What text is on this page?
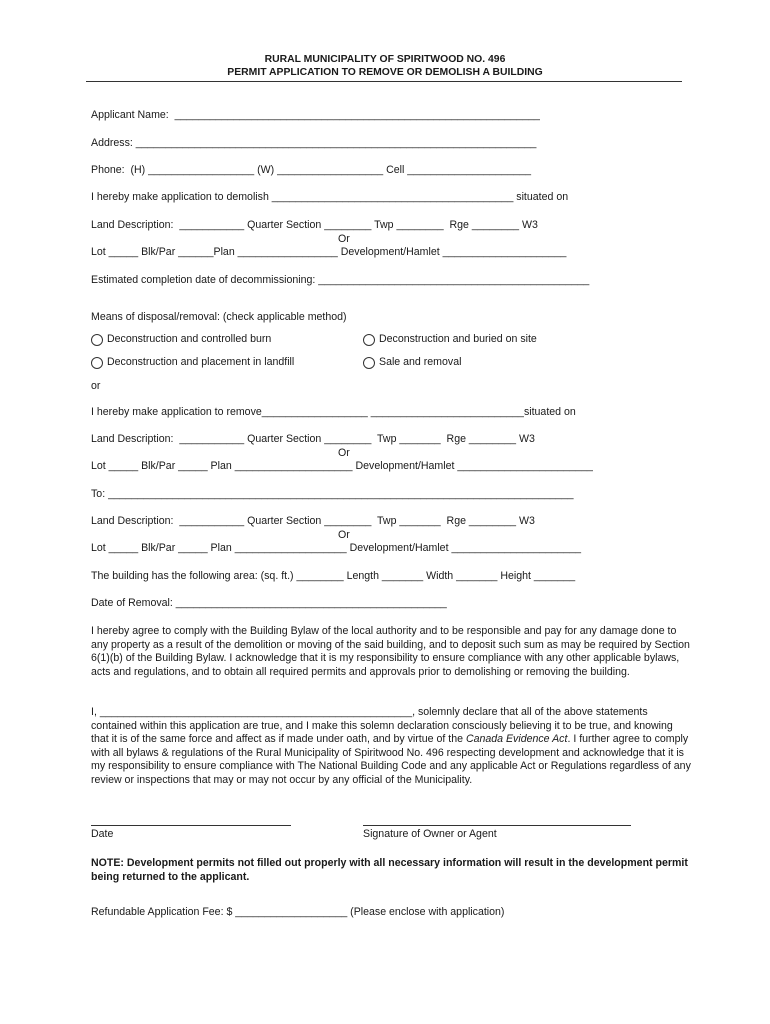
RURAL MUNICIPALITY OF SPIRITWOOD NO. 496
PERMIT APPLICATION TO REMOVE OR DEMOLISH A BUILDING
Applicant Name:  ______________________________________________________________
Address: ____________________________________________________________________
Phone:  (H) __________________ (W) __________________ Cell _____________________
I hereby make application to demolish _________________________________________ situated on
Land Description:  ___________ Quarter Section ________ Twp ________  Rge ________ W3
Or
Lot _____ Blk/Par ______Plan _________________ Development/Hamlet _____________________
Estimated completion date of decommissioning: ______________________________________________
Means of disposal/removal: (check applicable method)
Deconstruction and controlled burn	Deconstruction and buried on site
Deconstruction and placement in landfill	Sale and removal
or
I hereby make application to remove__________________ __________________________situated on
Land Description:  ___________ Quarter Section ________  Twp _______  Rge ________ W3
Or
Lot _____ Blk/Par _____ Plan ____________________ Development/Hamlet _______________________
To: _______________________________________________________________________________
Land Description:  ___________ Quarter Section ________  Twp _______  Rge ________ W3
Or
Lot _____ Blk/Par _____ Plan ___________________ Development/Hamlet ______________________
The building has the following area: (sq. ft.) ________ Length _______ Width _______ Height _______
Date of Removal: ______________________________________________
I hereby agree to comply with the Building Bylaw of the local authority and to be responsible and pay for any damage done to any property as a result of the demolition or moving of the said building, and to deposit such sum as may be required by Section 6(1)(b) of the Building Bylaw. I acknowledge that it is my responsibility to ensure compliance with any other applicable bylaws, acts and regulations, and to obtain all required permits and approvals prior to demolishing or removing the building.
I, _____________________________________________________, solemnly declare that all of the above statements contained within this application are true, and I make this solemn declaration consciously believing it to be true, and knowing that it is of the same force and affect as if made under oath, and by virtue of the Canada Evidence Act. I further agree to comply with all bylaws & regulations of the Rural Municipality of Spiritwood No. 496 respecting development and acknowledge that it is my responsibility to ensure compliance with The National Building Code and any applicable Act or Regulations regardless of any review or inspections that may or may not occur by any official of the Municipality.
Date	Signature of Owner or Agent
NOTE: Development permits not filled out properly with all necessary information will result in the development permit being returned to the applicant.
Refundable Application Fee: $ ___________________ (Please enclose with application)
